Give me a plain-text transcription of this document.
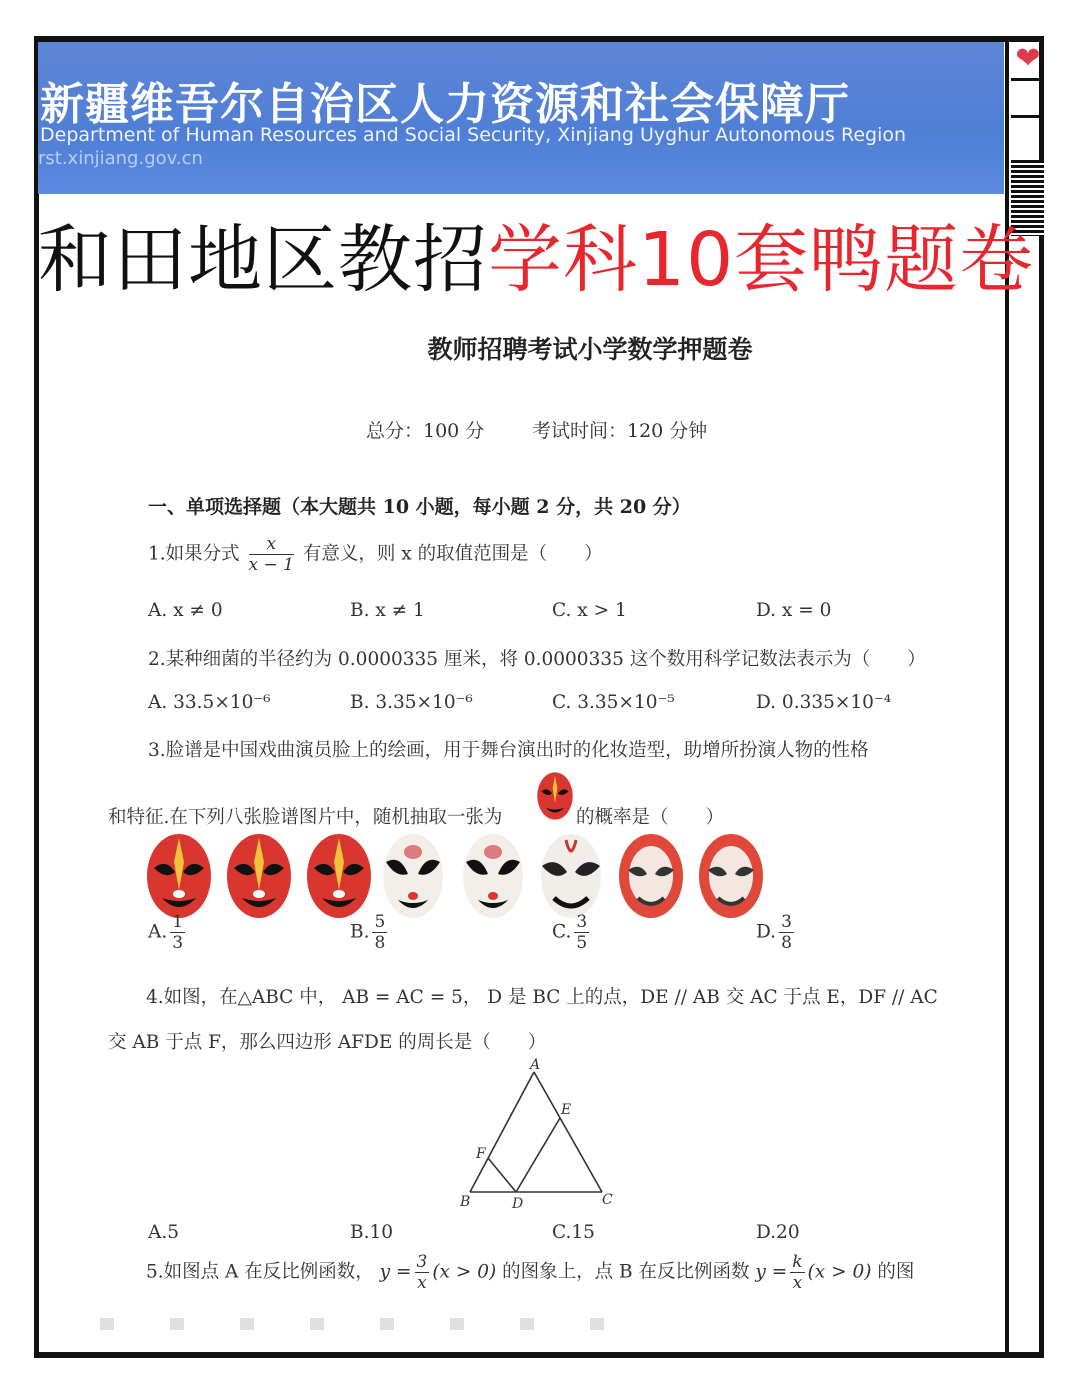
❤
新疆维吾尔自治区人力资源和社会保障厅
Department of Human Resources and Social Security, Xinjiang Uyghur Autonomous Region
rst.xinjiang.gov.cn
和田地区教招学科10套鸭题卷
教师招聘考试小学数学押题卷
总分：100 分	考试时间：120 分钟
一、单项选择题（本大题共 10 小题，每小题 2 分，共 20 分）
1.如果分式 $\frac{x}{x - 1}$ 有意义，则 x 的取值范围是（　　）
A. x ≠ 0	B. x ≠ 1	C. x > 1	D. x = 0
2.某种细菌的半径约为 0.0000335 厘米，将 0.0000335 这个数用科学记数法表示为（　　）
A. 33.5×10⁻⁶	B. 3.35×10⁻⁶	C. 3.35×10⁻⁵	D. 0.335×10⁻⁴
3.脸谱是中国戏曲演员脸上的绘画，用于舞台演出时的化妆造型，助增所扮演人物的性格
和特征.在下列八张脸谱图片中，随机抽取一张为	的概率是（　　）
A. $\frac{1}{3}$	B. $\frac{5}{8}$	C. $\frac{3}{5}$	D. $\frac{3}{8}$
4.如图，在△ABC 中， AB = AC = 5， D 是 BC 上的点，DE // AB 交 AC 于点 E，DF // AC
交 AB 于点 F，那么四边形 AFDE 的周长是（　　）
A
E
F
B	D	C
A.5	B.10	C.15	D.20
5.如图点 A 在反比例函数， $y = \frac{3}{x} (x > 0)$ 的图象上，点 B 在反比例函数 $y = \frac{k}{x} (x > 0)$ 的图
